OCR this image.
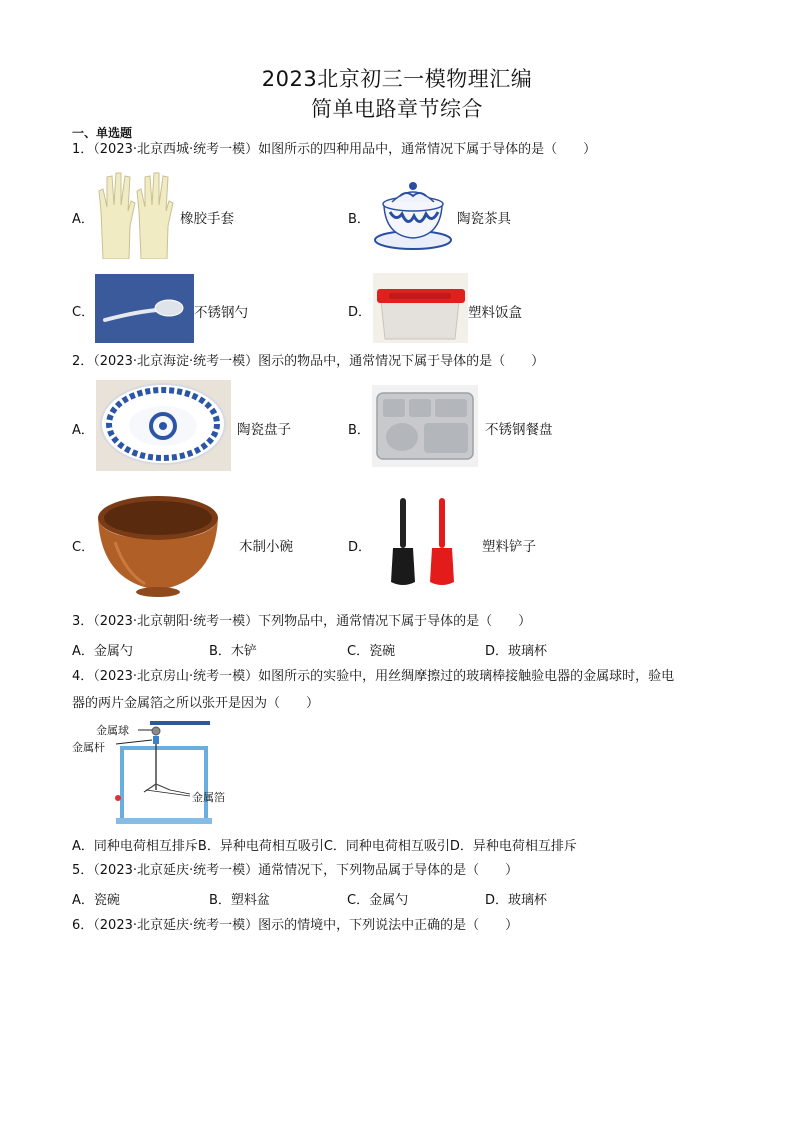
2023北京初三一模物理汇编
简单电路章节综合
一、单选题
1．（2023·北京西城·统考一模）如图所示的四种用品中，通常情况下属于导体的是（　　）
A．	橡胶手套	B．	陶瓷茶具
C．	不锈钢勺	D．	塑料饭盒
2．（2023·北京海淀·统考一模）图示的物品中，通常情况下属于导体的是（　　）
A．	陶瓷盘子	B．	不锈钢餐盘
C．	木制小碗	D．	塑料铲子
3．（2023·北京朝阳·统考一模）下列物品中，通常情况下属于导体的是（　　）
A．金属勺	B．木铲	C．瓷碗	D．玻璃杯
4．（2023·北京房山·统考一模）如图所示的实验中，用丝绸摩擦过的玻璃棒接触验电器的金属球时，验电
器的两片金属箔之所以张开是因为（　　）
金属球
金属杆
金属箔
A．同种电荷相互排斥B．异种电荷相互吸引C．同种电荷相互吸引D．异种电荷相互排斥
5．（2023·北京延庆·统考一模）通常情况下，下列物品属于导体的是（　　）
A．瓷碗	B．塑料盆	C．金属勺	D．玻璃杯
6．（2023·北京延庆·统考一模）图示的情境中，下列说法中正确的是（　　）
